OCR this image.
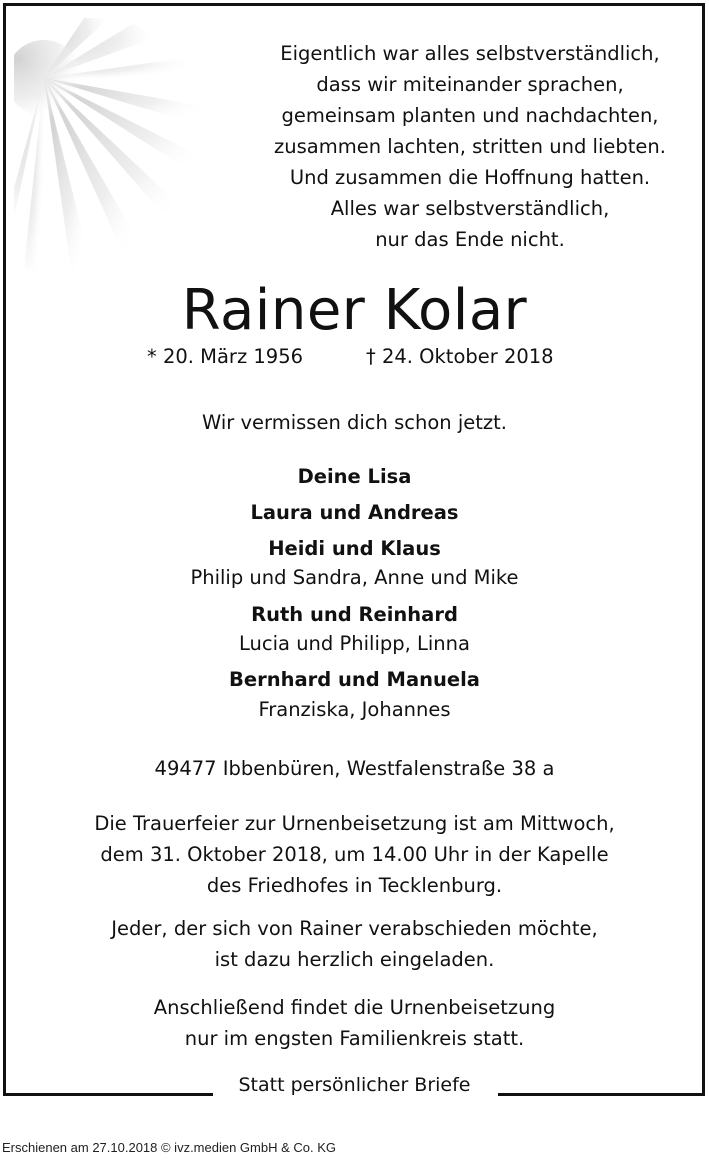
Eigentlich war alles selbstverständlich,
dass wir miteinander sprachen,
gemeinsam planten und nachdachten,
zusammen lachten, stritten und liebten.
Und zusammen die Hoffnung hatten.
Alles war selbstverständlich,
nur das Ende nicht.
Rainer Kolar
* 20. März 1956	† 24. Oktober 2018
Wir vermissen dich schon jetzt.
Deine Lisa
Laura und Andreas
Heidi und Klaus
Philip und Sandra, Anne und Mike
Ruth und Reinhard
Lucia und Philipp, Linna
Bernhard und Manuela
Franziska, Johannes
49477 Ibbenbüren, Westfalenstraße 38 a
Die Trauerfeier zur Urnenbeisetzung ist am Mittwoch,
dem 31. Oktober 2018, um 14.00 Uhr in der Kapelle
des Friedhofes in Tecklenburg.
Jeder, der sich von Rainer verabschieden möchte,
ist dazu herzlich eingeladen.
Anschließend findet die Urnenbeisetzung
nur im engsten Familienkreis statt.
Statt persönlicher Briefe
Erschienen am 27.10.2018 © ivz.medien GmbH & Co. KG
